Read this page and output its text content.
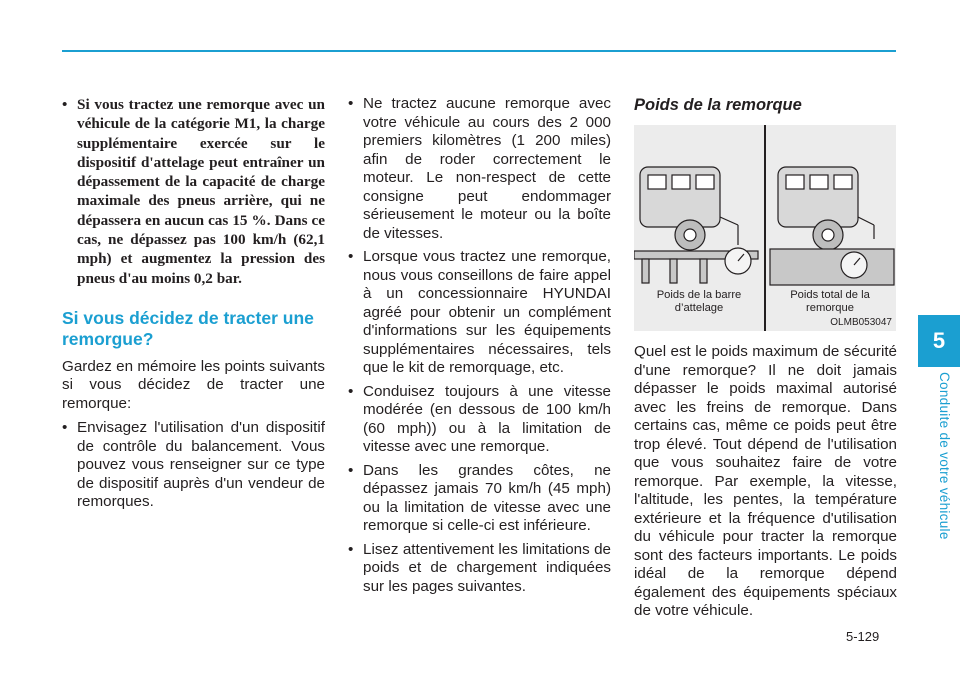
• Si vous tractez une remorque avec un véhicule de la catégorie M1, la charge supplémentaire exercée sur le dispositif d'attelage peut entraîner un dépassement de la capacité de charge maximale des pneus arrière, qui ne dépassera en aucun cas 15 %. Dans ce cas, ne dépassez pas 100 km/h (62,1 mph) et augmentez la pression des pneus d'au moins 0,2 bar.
Si vous décidez de tracter une remorgue?

Gardez en mémoire les points suivants si vous décidez de tracter une remorque:

• Envisagez l'utilisation d'un dispositif de contrôle du balancement. Vous pouvez vous renseigner sur ce type de dispositif auprès d'un vendeur de remorques.
• Ne tractez aucune remorque avec votre véhicule au cours des 2 000 premiers kilomètres (1 200 miles) afin de roder correctement le moteur. Le non-respect de cette consigne peut endommager sérieusement le moteur ou la boîte de vitesses.
• Lorsque vous tractez une remorque, nous vous conseillons de faire appel à un concessionnaire HYUNDAI agréé pour obtenir un complément d'informations sur les équipements supplémentaires nécessaires, tels que le kit de remorquage, etc.
• Conduisez toujours à une vitesse modérée (en dessous de 100 km/h (60 mph)) ou à la limitation de vitesse avec une remorque.
• Dans les grandes côtes, ne dépassez jamais 70 km/h (45 mph) ou la limitation de vitesse avec une remorque si celle-ci est inférieure.
• Lisez attentivement les limitations de poids et de chargement indiquées sur les pages suivantes.
Poids de la remorque
Poids de la barre d’attelage
Poids total de la remorque
OLMB053047

Quel est le poids maximum de sécurité d'une remorque? Il ne doit jamais dépasser le poids maximal autorisé avec les freins de remorque. Dans certains cas, même ce poids peut être trop élevé. Tout dépend de l'utilisation que vous souhaitez faire de votre remorque. Par exemple, la vitesse, l'altitude, les pentes, la température extérieure et la fréquence d'utilisation du véhicule pour tracter la remorque sont des facteurs importants. Le poids idéal de la remorque dépend également des équipements spéciaux de votre véhicule.

5
Conduite de votre véhicule
5-129
